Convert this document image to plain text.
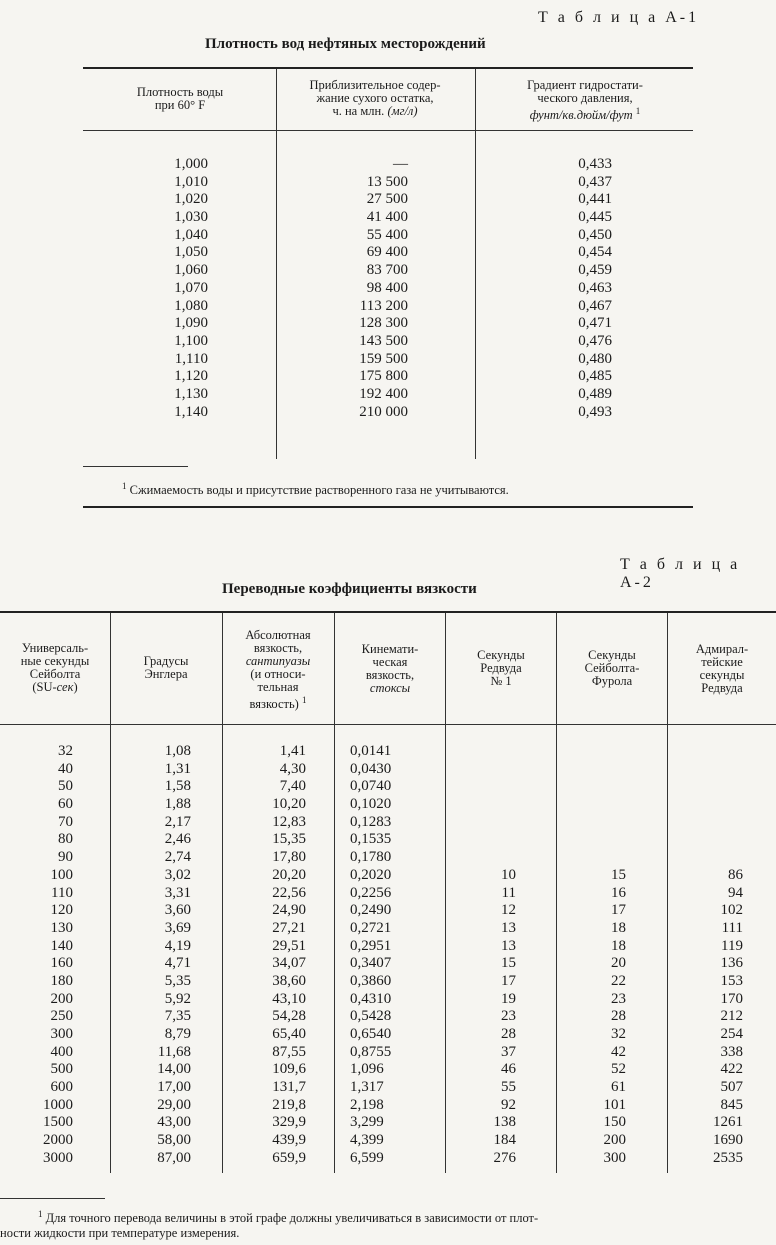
Т а б л и ц а А-1
Плотность вод нефтяных месторождений
Плотность воды
при 60° F
Приблизительное содер-
жание сухого остатка,
ч. на млн. (мг/л)
Градиент гидростати-
ческого давления,
фунт/кв.дюйм/фут $^1$
1,000
1,010
1,020
1,030
1,040
1,050
1,060
1,070
1,080
1,090
1,100
1,110
1,120
1,130
1,140
—
13 500
27 500
41 400
55 400
69 400
83 700
98 400
113 200
128 300
143 500
159 500
175 800
192 400
210 000
0,433
0,437
0,441
0,445
0,450
0,454
0,459
0,463
0,467
0,471
0,476
0,480
0,485
0,489
0,493
$^1$ Сжимаемость воды и присутствие растворенного газа не учитываются.
Т а б л и ц а А-2
Переводные коэффициенты вязкости
Универсаль-
ные секунды
Сейболта
(SU-сек)
Градусы
Энглера
Абсолютная
вязкость,
сантипуазы
(и относи-
тельная
вязкость) $^1$
Кинемати-
ческая
вязкость,
стоксы
Секунды
Редвуда
№ 1
Секунды
Сейболта-
Фурола
Адмирал-
тейские
секунды
Редвуда
32
40
50
60
70
80
90
100
110
120
130
140
160
180
200
250
300
400
500
600
1000
1500
2000
3000
1,08
1,31
1,58
1,88
2,17
2,46
2,74
3,02
3,31
3,60
3,69
4,19
4,71
5,35
5,92
7,35
8,79
11,68
14,00
17,00
29,00
43,00
58,00
87,00
1,41
4,30
7,40
10,20
12,83
15,35
17,80
20,20
22,56
24,90
27,21
29,51
34,07
38,60
43,10
54,28
65,40
87,55
109,6
131,7
219,8
329,9
439,9
659,9
0,0141
0,0430
0,0740
0,1020
0,1283
0,1535
0,1780
0,2020
0,2256
0,2490
0,2721
0,2951
0,3407
0,3860
0,4310
0,5428
0,6540
0,8755
1,096
1,317
2,198
3,299
4,399
6,599
10
11
12
13
13
15
17
19
23
28
37
46
55
92
138
184
276
15
16
17
18
18
20
22
23
28
32
42
52
61
101
150
200
300
86
94
102
111
119
136
153
170
212
254
338
422
507
845
1261
1690
2535
$^1$ Для точного перевода величины в этой графе должны увеличиваться в зависимости от плот-
ности жидкости при температуре измерения.
